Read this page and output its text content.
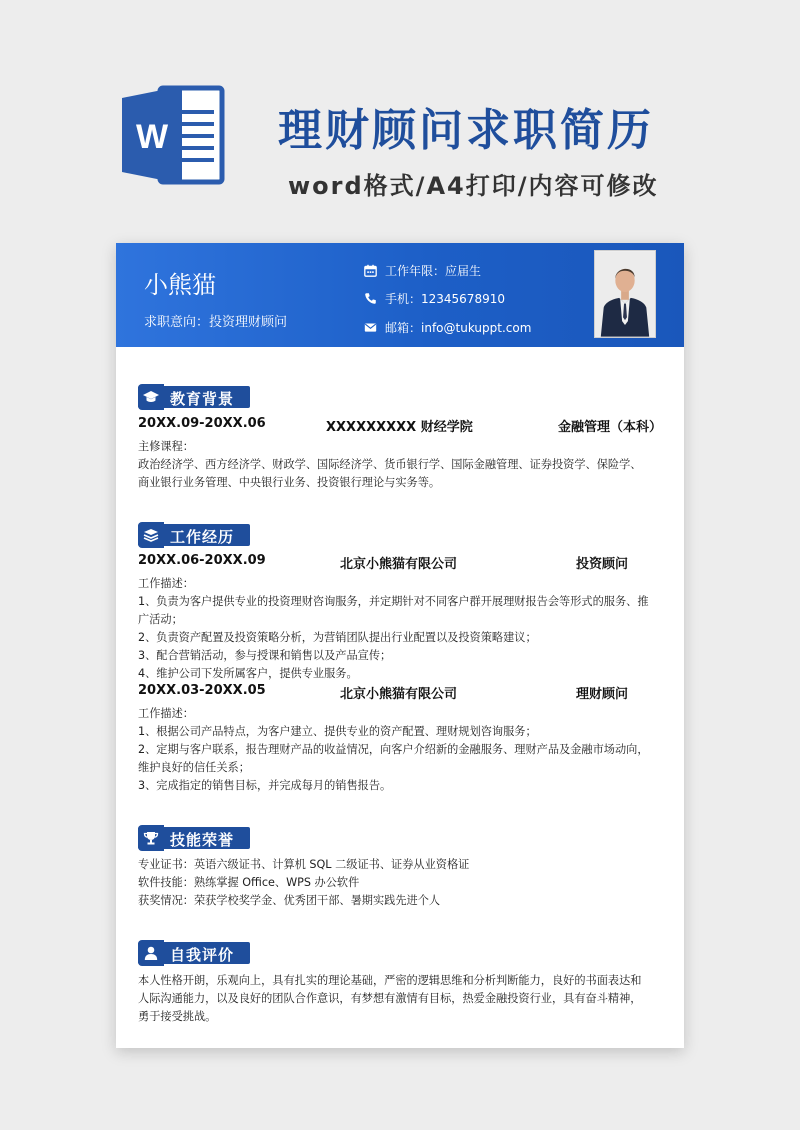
W 理财顾问求职简历
word格式/A4打印/内容可修改
小熊猫
求职意向：投资理财顾问
工作年限：应届生
手机：12345678910
邮箱：info@tukuppt.com
教育背景
20XX.09-20XX.06	XXXXXXXXX 财经学院	金融管理（本科）
主修课程：
政治经济学、西方经济学、财政学、国际经济学、货币银行学、国际金融管理、证券投资学、保险学、
商业银行业务管理、中央银行业务、投资银行理论与实务等。
工作经历
20XX.06-20XX.09	北京小熊猫有限公司	投资顾问
工作描述：
1、负责为客户提供专业的投资理财咨询服务，并定期针对不同客户群开展理财报告会等形式的服务、推
广活动；
2、负责资产配置及投资策略分析，为营销团队提出行业配置以及投资策略建议；
3、配合营销活动，参与授课和销售以及产品宣传；
4、维护公司下发所属客户，提供专业服务。
20XX.03-20XX.05	北京小熊猫有限公司	理财顾问
工作描述：
1、根据公司产品特点，为客户建立、提供专业的资产配置、理财规划咨询服务；
2、定期与客户联系，报告理财产品的收益情况，向客户介绍新的金融服务、理财产品及金融市场动向，
维护良好的信任关系；
3、完成指定的销售目标，并完成每月的销售报告。
技能荣誉
专业证书：英语六级证书、计算机 SQL 二级证书、证券从业资格证
软件技能：熟练掌握 Office、WPS 办公软件
获奖情况：荣获学校奖学金、优秀团干部、暑期实践先进个人
自我评价
本人性格开朗，乐观向上，具有扎实的理论基础，严密的逻辑思维和分析判断能力，良好的书面表达和
人际沟通能力，以及良好的团队合作意识，有梦想有激情有目标，热爱金融投资行业，具有奋斗精神，
勇于接受挑战。
